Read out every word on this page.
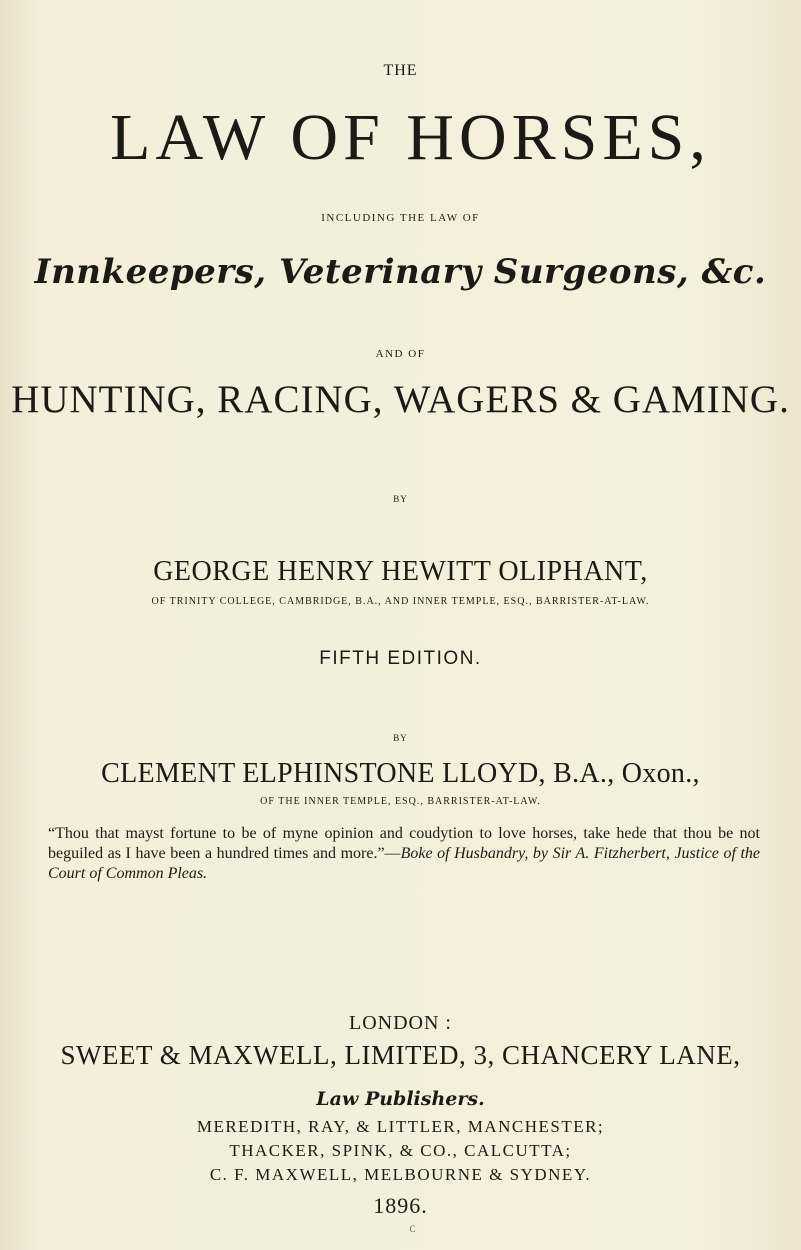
THE
LAW OF HORSES,
INCLUDING THE LAW OF
Innkeepers, Veterinary Surgeons, &c.
AND OF
HUNTING, RACING, WAGERS & GAMING.
BY
GEORGE HENRY HEWITT OLIPHANT,
OF TRINITY COLLEGE, CAMBRIDGE, B.A., AND INNER TEMPLE, ESQ., BARRISTER-AT-LAW.
FIFTH EDITION.
BY
CLEMENT ELPHINSTONE LLOYD, B.A., Oxon.,
OF THE INNER TEMPLE, ESQ., BARRISTER-AT-LAW.
“Thou that mayst fortune to be of myne opinion and coudytion to love horses, take hede that thou be not beguiled as I have been a hundred times and more.”—Boke of Husbandry, by Sir A. Fitzherbert, Justice of the Court of Common Pleas.
LONDON :
SWEET & MAXWELL, LIMITED, 3, CHANCERY LANE,
Law Publishers.
MEREDITH, RAY, & LITTLER, MANCHESTER;
THACKER, SPINK, & CO., CALCUTTA;
C. F. MAXWELL, MELBOURNE & SYDNEY.
1896.
C
